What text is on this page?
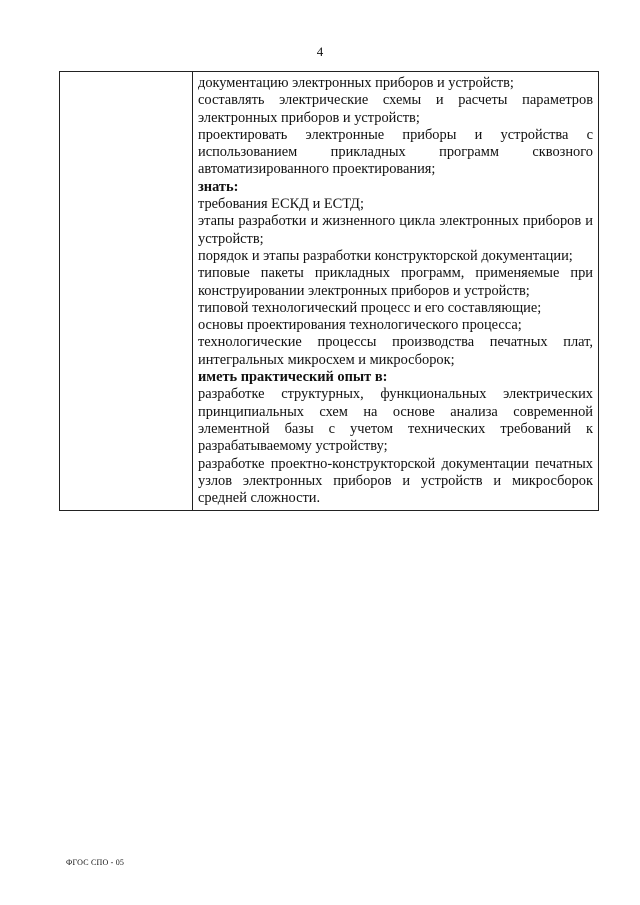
4

документацию электронных приборов и устройств;
составлять электрические схемы и расчеты параметров электронных приборов и устройств;
проектировать электронные приборы и устройства с использованием прикладных программ сквозного автоматизированного проектирования;
знать:
требования ЕСКД и ЕСТД;
этапы разработки и жизненного цикла электронных приборов и устройств;
порядок и этапы разработки конструкторской документации;
типовые пакеты прикладных программ, применяемые при конструировании электронных приборов и устройств;
типовой технологический процесс и его составляющие;
основы проектирования технологического процесса;
технологические процессы производства печатных плат, интегральных микросхем и микросборок;
иметь практический опыт в:
разработке структурных, функциональных электрических принципиальных схем на основе анализа современной элементной базы с учетом технических требований к разрабатываемому устройству;
разработке проектно-конструкторской документации печатных узлов электронных приборов и устройств и микросборок средней сложности.
ФГОС СПО - 05
